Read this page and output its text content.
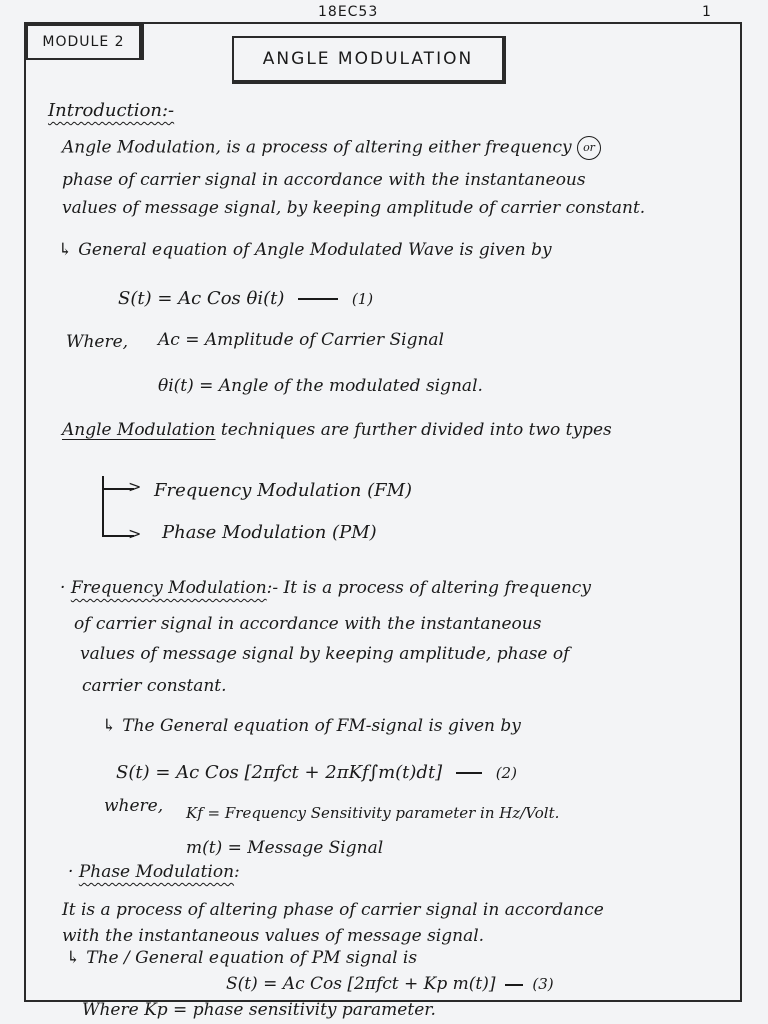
18EC53	1
MODULE 2
ANGLE MODULATION
Introduction:-
Angle Modulation, is a process of altering either frequency or
phase of carrier signal in accordance with the instantaneous
values of message signal, by keeping amplitude of carrier constant.
↳ General equation of Angle Modulated Wave is given by
S(t) = Ac Cos θi(t)	(1)
Where, Ac = Amplitude of Carrier Signal
θi(t) = Angle of the modulated signal.
Angle Modulation techniques are further divided into two types
>
>
Frequency Modulation (FM)
Phase Modulation (PM)
· Frequency Modulation:- It is a process of altering frequency
of carrier signal in accordance with the instantaneous
values of message signal by keeping amplitude, phase of
carrier constant.
↳ The General equation of FM-signal is given by
S(t) = Ac Cos [2πfct + 2πKf∫m(t)dt]	(2)
where, Kf = Frequency Sensitivity parameter in Hz/Volt.
m(t) = Message Signal
· Phase Modulation:
It is a process of altering phase of carrier signal in accordance
with the instantaneous values of message signal.
↳ The / General equation of PM signal is
S(t) = Ac Cos [2πfct + Kp m(t)] (3)
Where Kp = phase sensitivity parameter.
